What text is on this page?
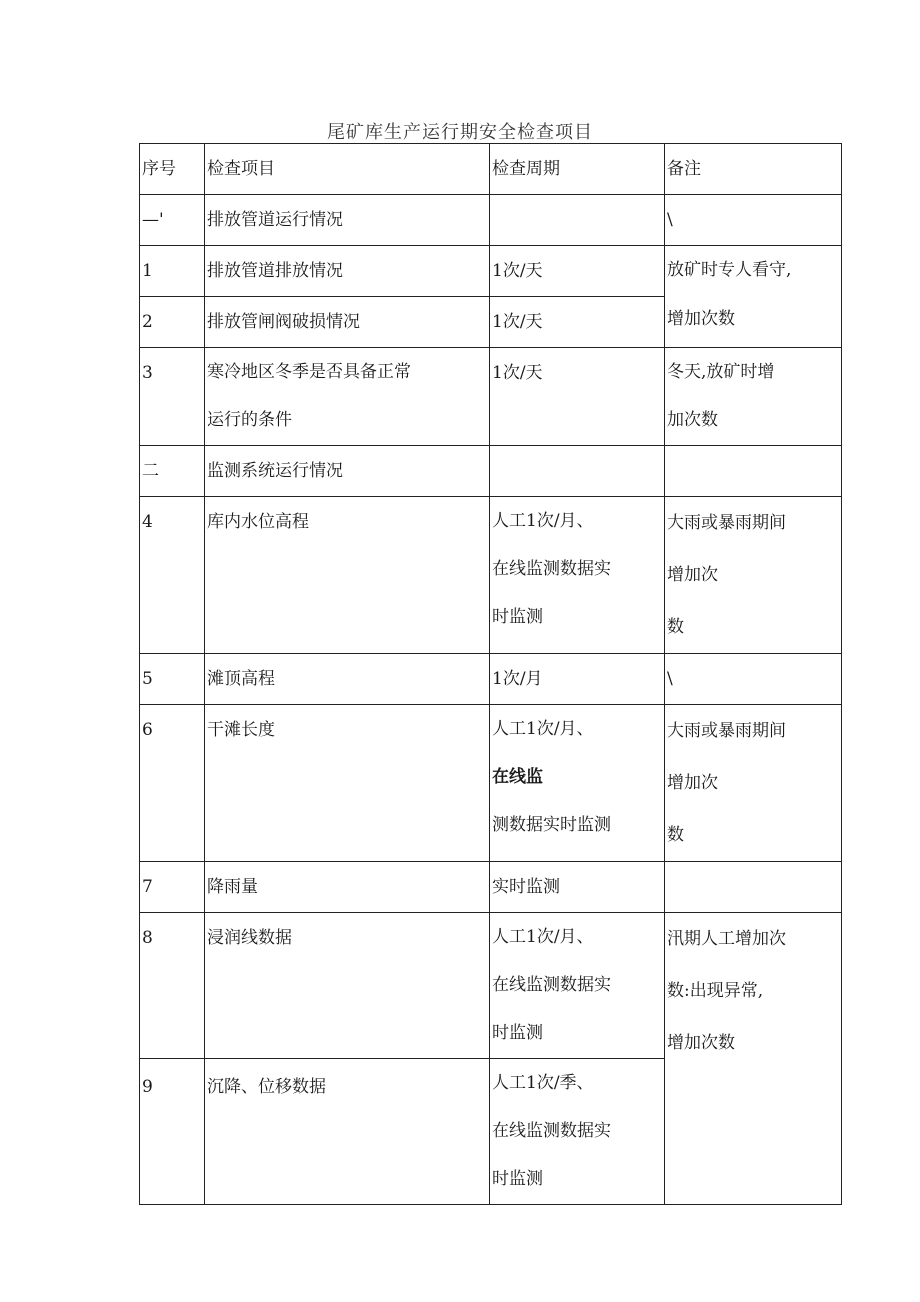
尾矿库生产运行期安全检查项目
序号	检查项目	检查周期	备注
—'	排放管道运行情况		\
1	排放管道排放情况	1次/天	放矿时专人看守,
增加次数

2	排放管闸阀破损情况	1次/天	
3	寒冷地区冬季是否具备正常
运行的条件	1次/天	冬天,放矿时增
加次数

二	监测系统运行情况		
4	库内水位高程	人工1次/月、
在线监测数据实
时监测	大雨或暴雨期间
增加次
数

5	滩顶高程	1次/月	\
6	干滩长度	人工1次/月、
在线监
测数据实时监测	大雨或暴雨期间
增加次
数

7	降雨量	实时监测	
8	浸润线数据	人工1次/月、
在线监测数据实
时监测	汛期人工增加次
数:出现异常,
增加次数

9	沉降、位移数据	人工1次/季、
在线监测数据实
时监测	
